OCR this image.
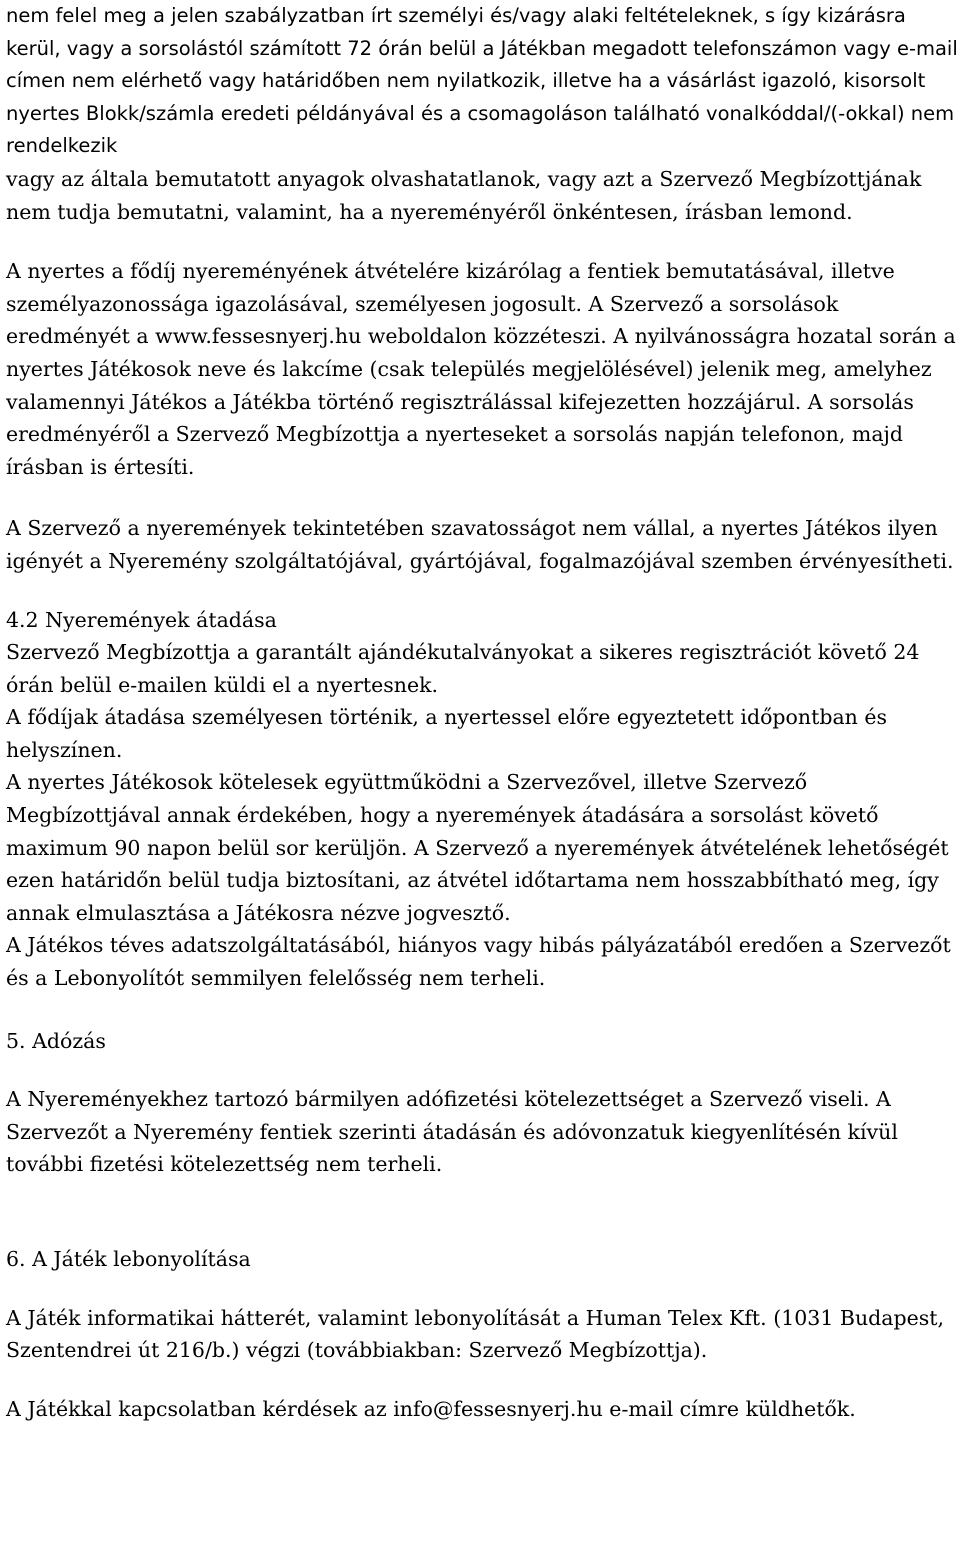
nem felel meg a jelen szabályzatban írt személyi és/vagy alaki feltételeknek, s így kizárásra kerül, vagy a sorsolástól számított 72 órán belül a Játékban megadott telefonszámon vagy e-mail címen nem elérhető vagy határidőben nem nyilatkozik, illetve ha a vásárlást igazoló, kisorsolt nyertes Blokk/számla eredeti példányával és a csomagoláson található vonalkóddal/(-okkal) nem rendelkezik

vagy az általa bemutatott anyagok olvashatatlanok, vagy azt a Szervező Megbízottjának nem tudja bemutatni, valamint, ha a nyereményéről önkéntesen, írásban lemond.

A nyertes a fődíj nyereményének átvételére kizárólag a fentiek bemutatásával, illetve személyazonossága igazolásával, személyesen jogosult. A Szervező a sorsolások eredményét a www.fessesnyerj.hu weboldalon közzéteszi. A nyilvánosságra hozatal során a nyertes Játékosok neve és lakcíme (csak település megjelölésével) jelenik meg, amelyhez valamennyi Játékos a Játékba történő regisztrálással kifejezetten hozzájárul. A sorsolás eredményéről a Szervező Megbízottja a nyerteseket a sorsolás napján telefonon, majd írásban is értesíti.

A Szervező a nyeremények tekintetében szavatosságot nem vállal, a nyertes Játékos ilyen igényét a Nyeremény szolgáltatójával, gyártójával, fogalmazójával szemben érvényesítheti.

4.2 Nyeremények átadása

Szervező Megbízottja a garantált ajándékutalványokat a sikeres regisztrációt követő 24 órán belül e-mailen küldi el a nyertesnek.

A fődíjak átadása személyesen történik, a nyertessel előre egyeztetett időpontban és helyszínen.

A nyertes Játékosok kötelesek együttműködni a Szervezővel, illetve Szervező Megbízottjával annak érdekében, hogy a nyeremények átadására a sorsolást követő maximum 90 napon belül sor kerüljön. A Szervező a nyeremények átvételének lehetőségét ezen határidőn belül tudja biztosítani, az átvétel időtartama nem hosszabbítható meg, így annak elmulasztása a Játékosra nézve jogvesztő.

A Játékos téves adatszolgáltatásából, hiányos vagy hibás pályázatából eredően a Szervezőt és a Lebonyolítót semmilyen felelősség nem terheli.

5. Adózás

A Nyereményekhez tartozó bármilyen adófizetési kötelezettséget a Szervező viseli. A Szervezőt a Nyeremény fentiek szerinti átadásán és adóvonzatuk kiegyenlítésén kívül további fizetési kötelezettség nem terheli.

6. A Játék lebonyolítása

A Játék informatikai hátterét, valamint lebonyolítását a Human Telex Kft. (1031 Budapest, Szentendrei út 216/b.) végzi (továbbiakban: Szervező Megbízottja).

A Játékkal kapcsolatban kérdések az info@fessesnyerj.hu e-mail címre küldhetők.
